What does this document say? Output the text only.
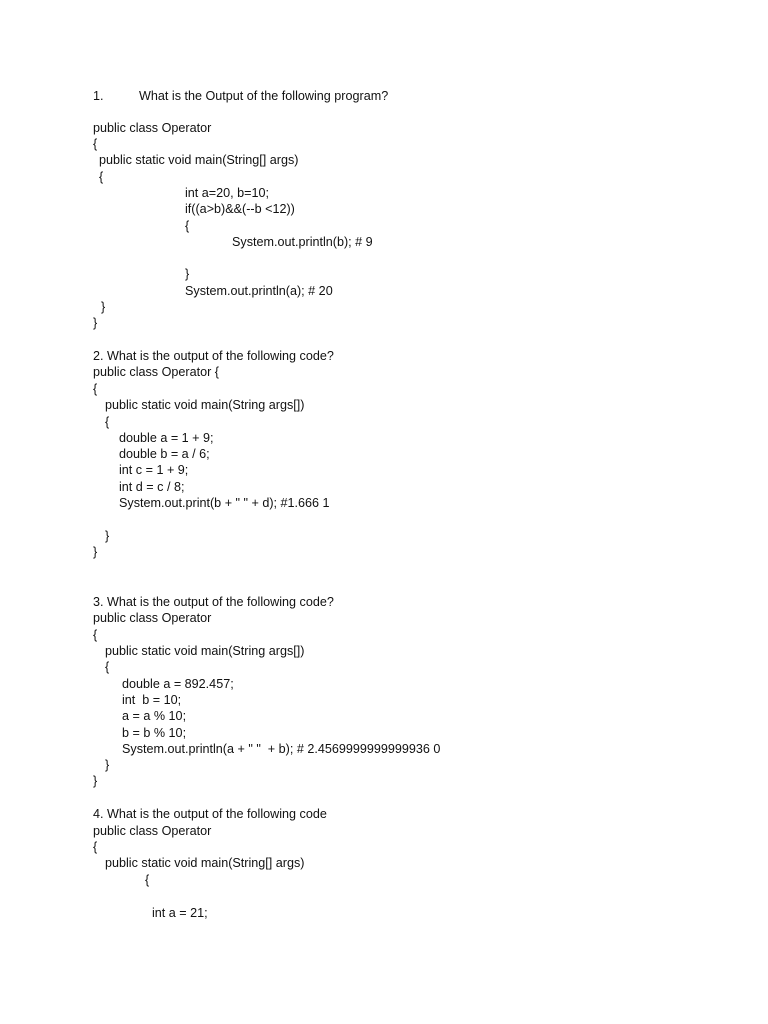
1.	What is the Output of the following program?
public class Operator
{
public static void main(String[] args)
{
int a=20, b=10;
if((a>b)&&(--b <12))
{
System.out.println(b); # 9
}
System.out.println(a); # 20
}
}
2. What is the output of the following code?
public class Operator {
{
public static void main(String args[])
{
double a = 1 + 9;
double b = a / 6;
int c = 1 + 9;
int d = c / 8;
System.out.print(b + " " + d); #1.666 1
}
}
3. What is the output of the following code?
public class Operator
{
public static void main(String args[])
{
double a = 892.457;
int  b = 10;
a = a % 10;
b = b % 10;
System.out.println(a + " "  + b); # 2.4569999999999936 0
}
}
4. What is the output of the following code
public class Operator
{
public static void main(String[] args)
{
int a = 21;
